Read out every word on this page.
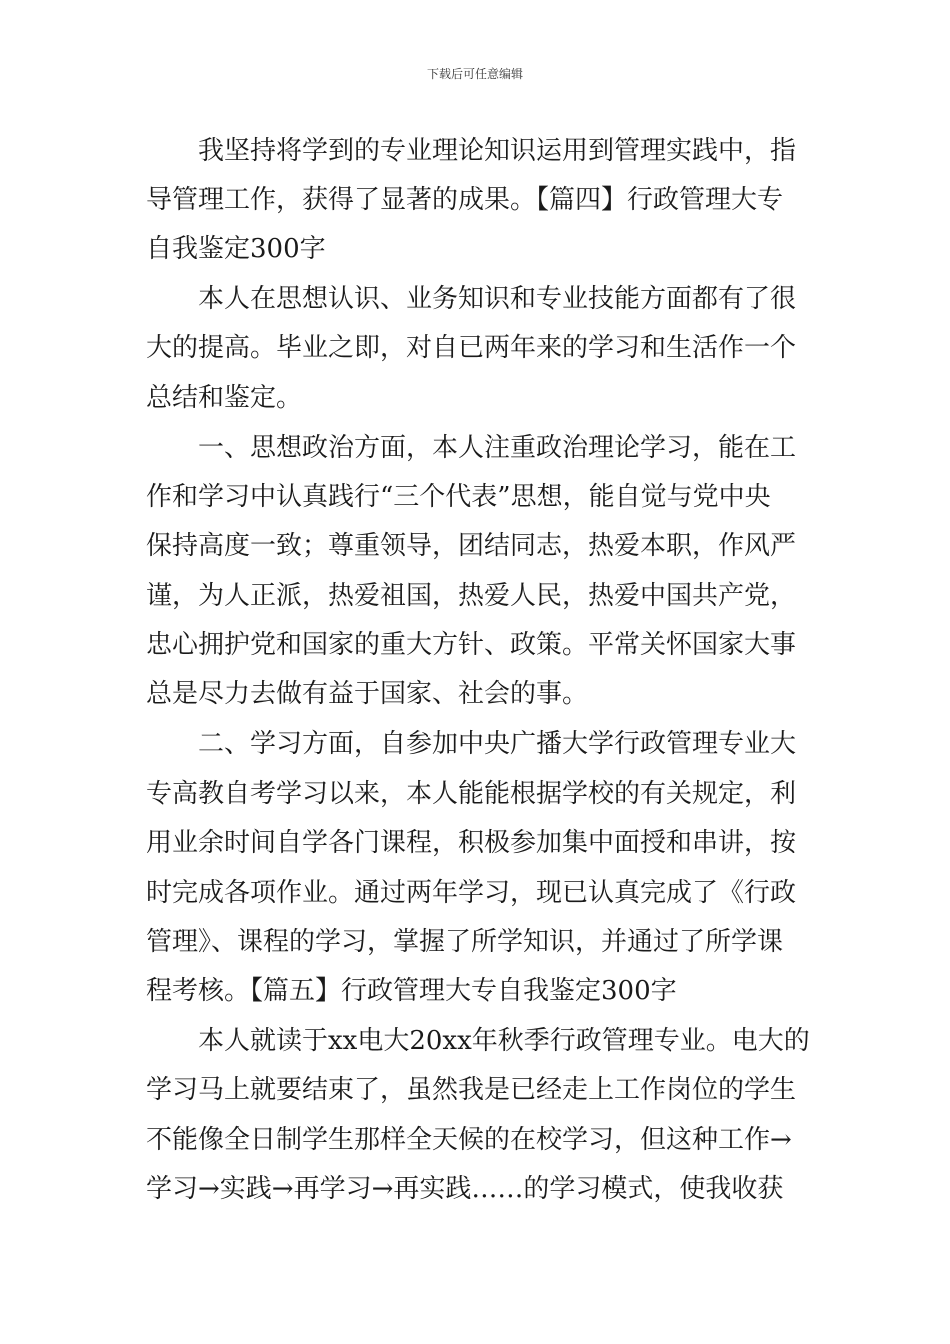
下载后可任意编辑
我坚持将学到的专业理论知识运用到管理实践中，指
导管理工作，获得了显著的成果。【篇四】行政管理大专
自我鉴定300字
本人在思想认识、业务知识和专业技能方面都有了很
大的提高。毕业之即，对自已两年来的学习和生活作一个
总结和鉴定。
一、思想政治方面，本人注重政治理论学习，能在工
作和学习中认真践行“三个代表”思想，能自觉与党中央
保持高度一致；尊重领导，团结同志，热爱本职，作风严
谨，为人正派，热爱祖国，热爱人民，热爱中国共产党，
忠心拥护党和国家的重大方针、政策。平常关怀国家大事
总是尽力去做有益于国家、社会的事。
二、学习方面，自参加中央广播大学行政管理专业大
专高教自考学习以来，本人能能根据学校的有关规定，利
用业余时间自学各门课程，积极参加集中面授和串讲，按
时完成各项作业。通过两年学习，现已认真完成了《行政
管理》、课程的学习，掌握了所学知识，并通过了所学课
程考核。【篇五】行政管理大专自我鉴定300字
本人就读于xx电大20xx年秋季行政管理专业。电大的
学习马上就要结束了，虽然我是已经走上工作岗位的学生
不能像全日制学生那样全天候的在校学习，但这种工作→
学习→实践→再学习→再实践……的学习模式，使我收获
